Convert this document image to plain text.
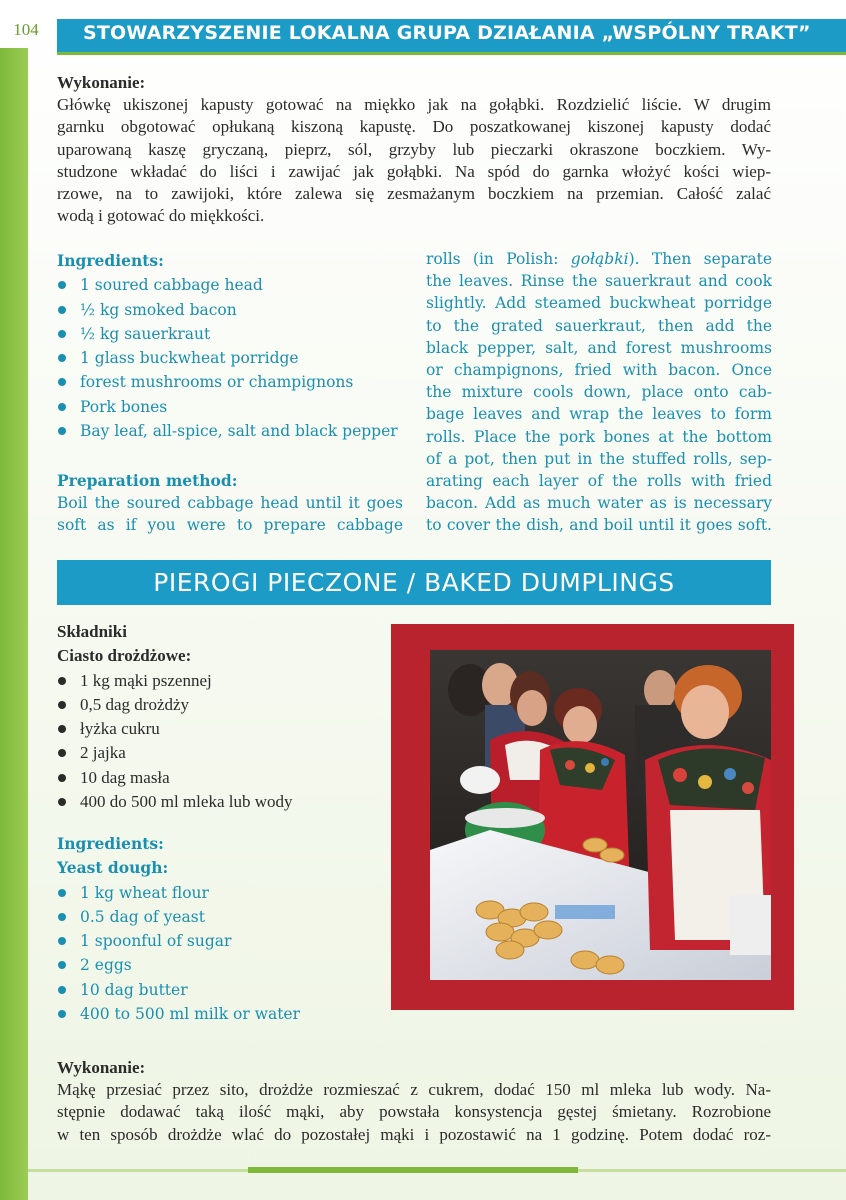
104	STOWARZYSZENIE LOKALNA GRUPA DZIAŁANIA „WSPÓLNY TRAKT”
Wykonanie:
Główkę ukiszonej kapusty gotować na miękko jak na gołąbki. Rozdzielić liście. W drugim
garnku obgotować opłukaną kiszoną kapustę. Do poszatkowanej kiszonej kapusty dodać
uparowaną kaszę gryczaną, pieprz, sól, grzyby lub pieczarki okraszone boczkiem. Wy-
studzone wkładać do liści i zawijać jak gołąbki. Na spód do garnka włożyć kości wiep-
rzowe, na to zawijoki, które zalewa się zesmażanym boczkiem na przemian. Całość zalać
wodą i gotować do miękkości.
Ingredients:
1 soured cabbage head
½ kg smoked bacon
½ kg sauerkraut
1 glass buckwheat porridge
forest mushrooms or champignons
Pork bones
Bay leaf, all-spice, salt and black pepper
Preparation method:
Boil the soured cabbage head until it goes
soft as if you were to prepare cabbage
rolls (in Polish: gołąbki). Then separate
the leaves. Rinse the sauerkraut and cook
slightly. Add steamed buckwheat porridge
to the grated sauerkraut, then add the
black pepper, salt, and forest mushrooms
or champignons, fried with bacon. Once
the mixture cools down, place onto cab-
bage leaves and wrap the leaves to form
rolls. Place the pork bones at the bottom
of a pot, then put in the stuffed rolls, sep-
arating each layer of the rolls with fried
bacon. Add as much water as is necessary
to cover the dish, and boil until it goes soft.
PIEROGI PIECZONE / BAKED DUMPLINGS
Składniki
Ciasto drożdżowe:
1 kg mąki pszennej
0,5 dag drożdży
łyżka cukru
2 jajka
10 dag masła
400 do 500 ml mleka lub wody
Ingredients:
Yeast dough:
1 kg wheat flour
0.5 dag of yeast
1 spoonful of sugar
2 eggs
10 dag butter
400 to 500 ml milk or water
Wykonanie:
Mąkę przesiać przez sito, drożdże rozmieszać z cukrem, dodać 150 ml mleka lub wody. Na-
stępnie dodawać taką ilość mąki, aby powstała konsystencja gęstej śmietany. Rozrobione
w ten sposób drożdże wlać do pozostałej mąki i pozostawić na 1 godzinę. Potem dodać roz-
